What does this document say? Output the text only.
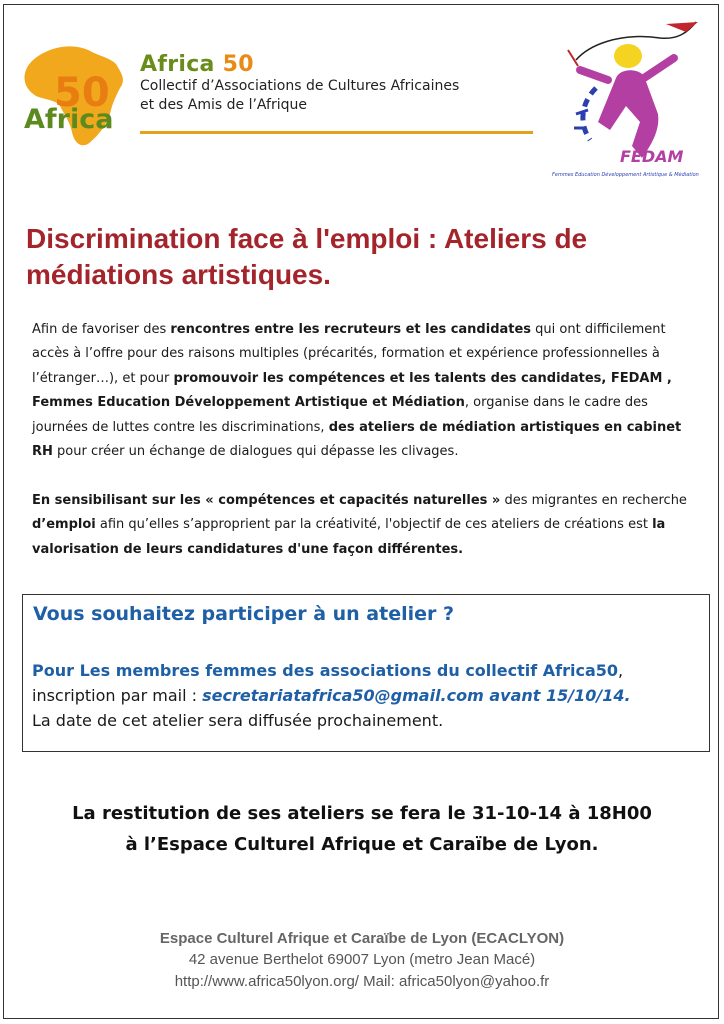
50
Africa
Africa 50
Collectif d’Associations de Cultures Africaines
et des Amis de l’Afrique
FEDAM
Femmes Education Développement Artistique & Médiation
Discrimination face à l'emploi : Ateliers de médiations artistiques.

Afin de favoriser des rencontres entre les recruteurs et les candidates qui ont difficilement accès à l’offre pour des raisons multiples (précarités, formation et expérience professionnelles à l’étranger…), et pour promouvoir les compétences et les talents des candidates, FEDAM , Femmes Education Développement Artistique et Médiation, organise dans le cadre des journées de luttes contre les discriminations, des ateliers de médiation artistiques en cabinet RH pour créer un échange de dialogues qui dépasse les clivages.

En sensibilisant sur les « compétences et capacités naturelles » des migrantes en recherche d’emploi afin qu’elles s’approprient par la créativité, l'objectif de ces ateliers de créations est la valorisation de leurs candidatures d'une façon différentes.

Vous souhaitez participer à un atelier ?
Pour Les membres femmes des associations du collectif Africa50,
inscription par mail : secretariatafrica50@gmail.com avant 15/10/14.
La date de cet atelier sera diffusée prochainement.
La restitution de ses ateliers se fera le 31-10-14 à 18H00
à l’Espace Culturel Afrique et Caraïbe de Lyon.
Espace Culturel Afrique et Caraïbe de Lyon (ECACLYON)
42 avenue Berthelot 69007 Lyon (metro Jean Macé)
http://www.africa50lyon.org/ Mail: africa50lyon@yahoo.fr
